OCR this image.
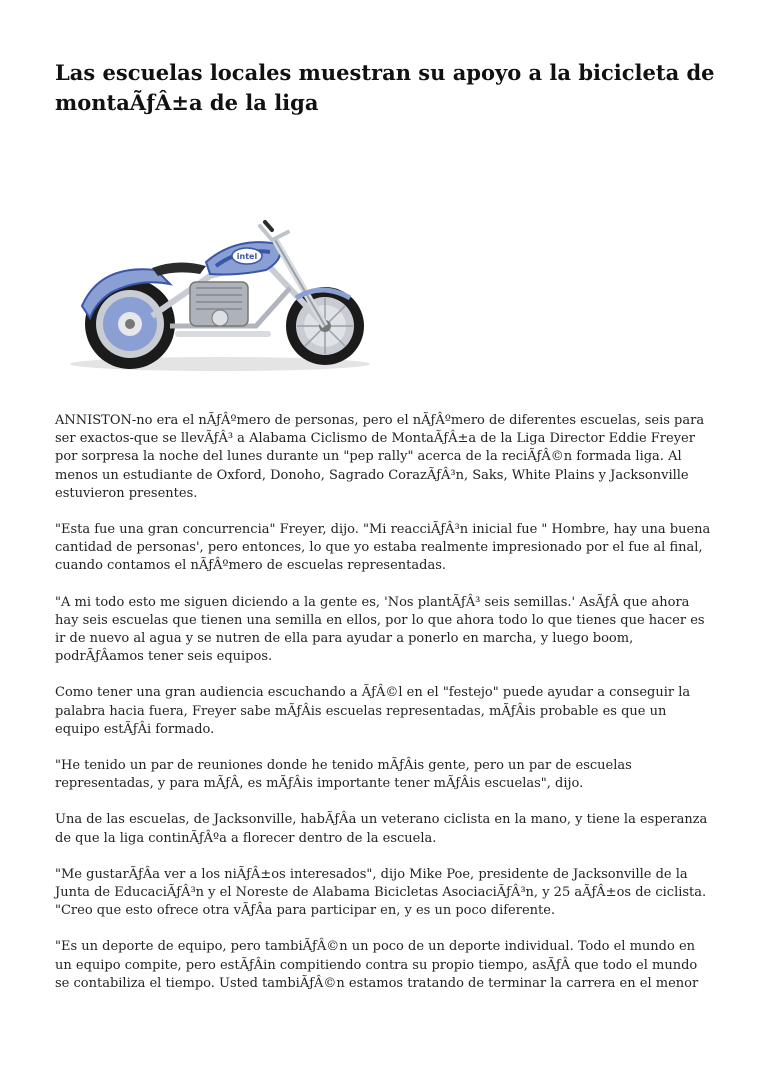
Las escuelas locales muestran su apoyo a la bicicleta de montaÃƒÂ±a de la liga
intel

ANNISTON-no era el nÃƒÂºmero de personas, pero el nÃƒÂºmero de diferentes escuelas, seis para ser exactos-que se llevÃƒÂ³ a Alabama Ciclismo de MontaÃƒÂ±a de la Liga Director Eddie Freyer por sorpresa la noche del lunes durante un "pep rally" acerca de la reciÃƒÂ©n formada liga. Al menos un estudiante de Oxford, Donoho, Sagrado CorazÃƒÂ³n, Saks, White Plains y Jacksonville estuvieron presentes.

"Esta fue una gran concurrencia" Freyer, dijo. "Mi reacciÃƒÂ³n inicial fue " Hombre, hay una buena cantidad de personas', pero entonces, lo que yo estaba realmente impresionado por el fue al final, cuando contamos el nÃƒÂºmero de escuelas representadas.

"A mi todo esto me siguen diciendo a la gente es, 'Nos plantÃƒÂ³ seis semillas.' AsÃƒÂ que ahora hay seis escuelas que tienen una semilla en ellos, por lo que ahora todo lo que tienes que hacer es ir de nuevo al agua y se nutren de ella para ayudar a ponerlo en marcha, y luego boom, podrÃƒÂamos tener seis equipos.

Como tener una gran audiencia escuchando a ÃƒÂ©l en el "festejo" puede ayudar a conseguir la palabra hacia fuera, Freyer sabe mÃƒÂis escuelas representadas, mÃƒÂis probable es que un equipo estÃƒÂi formado.

"He tenido un par de reuniones donde he tenido mÃƒÂis gente, pero un par de escuelas representadas, y para mÃƒÂ, es mÃƒÂis importante tener mÃƒÂis escuelas", dijo.

Una de las escuelas, de Jacksonville, habÃƒÂa un veterano ciclista en la mano, y tiene la esperanza de que la liga continÃƒÂºa a florecer dentro de la escuela.

"Me gustarÃƒÂa ver a los niÃƒÂ±os interesados", dijo Mike Poe, presidente de Jacksonville de la Junta de EducaciÃƒÂ³n y el Noreste de Alabama Bicicletas AsociaciÃƒÂ³n, y 25 aÃƒÂ±os de ciclista. "Creo que esto ofrece otra vÃƒÂa para participar en, y es un poco diferente.

"Es un deporte de equipo, pero tambiÃƒÂ©n un poco de un deporte individual. Todo el mundo en un equipo compite, pero estÃƒÂin compitiendo contra su propio tiempo, asÃƒÂ que todo el mundo se contabiliza el tiempo. Usted tambiÃƒÂ©n estamos tratando de terminar la carrera en el menor
